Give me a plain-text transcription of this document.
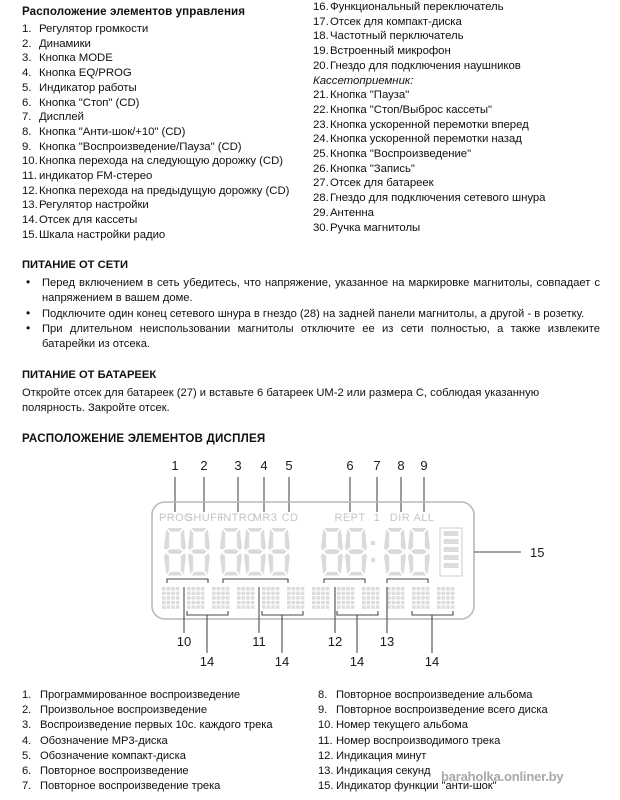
Расположение элементов управления
1. Регулятор громкости
2. Динамики
3. Кнопка MODE
4. Кнопка EQ/PROG
5. Индикатор работы
6. Кнопка "Стоп" (CD)
7. Дисплей
8. Кнопка "Анти-шок/+10" (CD)
9. Кнопка "Воспроизведение/Пауза" (CD)
10. Кнопка перехода на следующую дорожку (CD)
11. индикатор FM-стерео
12. Кнопка перехода на предыдущую дорожку (CD)
13. Регулятор настройки
14. Отсек для кассеты
15. Шкала настройки радио
16. Функциональный переключатель
17. Отсек для компакт-диска
18. Частотный перключатель
19. Встроенный микрофон
20. Гнездо для подключения наушников
Кассетоприемник:
21. Кнопка "Пауза"
22. Кнопка "Стоп/Выброс кассеты"
23. Кнопка ускоренной перемотки вперед
24. Кнопка ускоренной перемотки назад
25. Кнопка "Воспроизведение"
26. Кнопка "Запись"
27. Отсек для батареек
28. Гнездо для подключения сетевого шнура
29. Антенна
30. Ручка магнитолы
ПИТАНИЕ ОТ СЕТИ
• Перед включением в сеть убедитесь, что напряжение, указанное на маркировке магнитолы, совпадает с напряжением в вашем доме.
• Подключите один конец сетевого шнура в гнездо (28) на задней панели магнитолы, а другой - в розетку.
• При длительном неиспользовании магнитолы отключите ее из сети полностью, а также извлеките батарейки из отсека.
ПИТАНИЕ ОТ БАТАРЕЕК
Откройте отсек для батареек (27) и вставьте 6 батареек UM-2 или размера C, соблюдая указанную полярность. Закройте отсек.
РАСПОЛОЖЕНИЕ ЭЛЕМЕНТОВ ДИСПЛЕЯ
1 2 3 4 5	6 7 8 9
PROG
SHUFF
INTRO
MR3 CD	REPT 1 DIR ALL
10	11	12	13
14	14	14	14
15
1. Программированное воспроизведение
2. Произвольное воспроизведение
3. Воспроизведение первых 10с. каждого трека
4. Обозначение МР3-диска
5. Обозначение компакт-диска
6. Повторное воспроизведение
7. Повторное воспроизведение трека
8. Повторное воспроизведение альбома
9. Повторное воспроизведение всего диска
10. Номер текущего альбома
11. Номер воспроизводимого трека
12. Индикация минут
13. Индикация секунд
15. Индикатор функции "анти-шок"
baraholka.onliner.by
